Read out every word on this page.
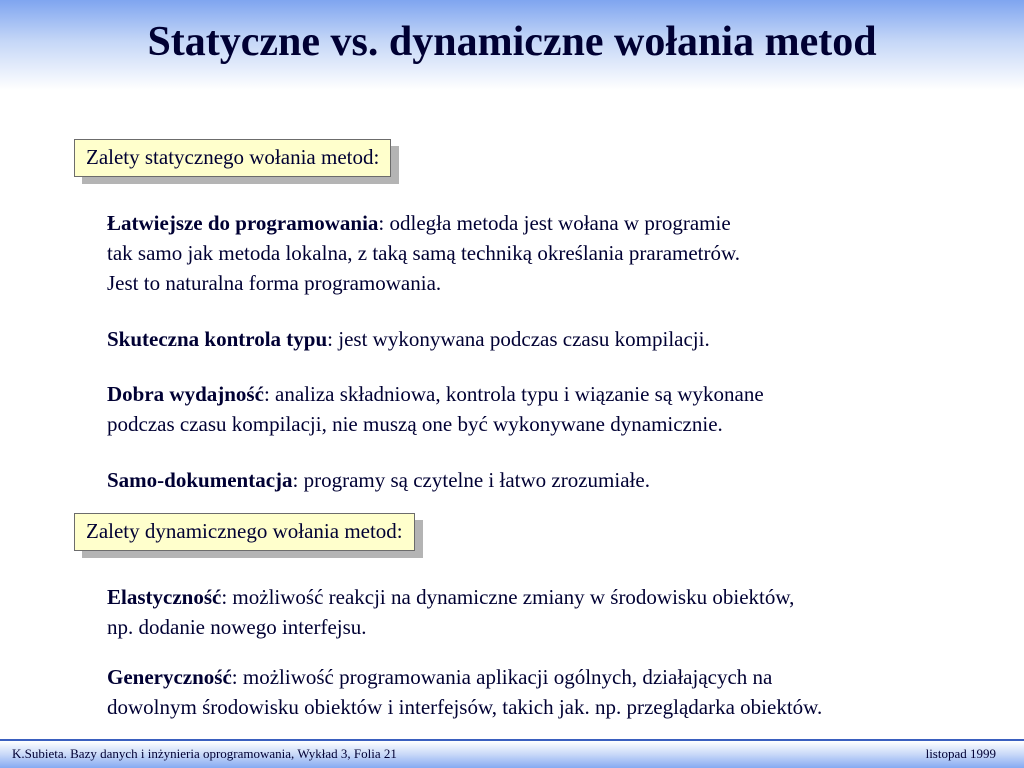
Statyczne vs. dynamiczne wołania metod
Zalety statycznego wołania metod:
Łatwiejsze do programowania: odległa metoda jest wołana w programie
tak samo jak metoda lokalna, z taką samą techniką określania prarametrów.
Jest to naturalna forma programowania.
Skuteczna kontrola typu: jest wykonywana podczas czasu kompilacji.
Dobra wydajność: analiza składniowa, kontrola typu i wiązanie są wykonane
podczas czasu kompilacji, nie muszą one być wykonywane dynamicznie.
Samo-dokumentacja: programy są czytelne i łatwo zrozumiałe.
Zalety dynamicznego wołania metod:
Elastyczność: możliwość reakcji na dynamiczne zmiany w środowisku obiektów,
np. dodanie nowego interfejsu.
Generyczność: możliwość programowania aplikacji ogólnych, działających na
dowolnym środowisku obiektów i interfejsów, takich jak. np. przeglądarka obiektów.
K.Subieta. Bazy danych i inżynieria oprogramowania, Wykład 3, Folia 21	listopad 1999
